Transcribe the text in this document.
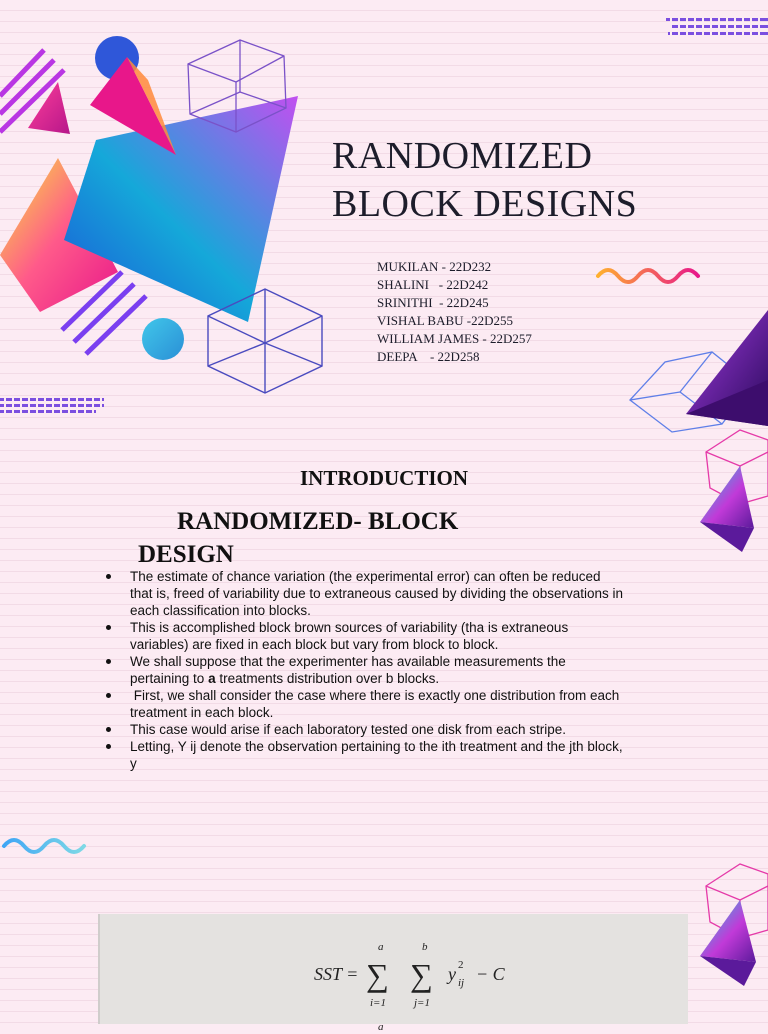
RANDOMIZED
BLOCK DESIGNS
MUKILAN - 22D232
SHALINI   - 22D242
SRINITHI  - 22D245
VISHAL BABU -22D255
WILLIAM JAMES - 22D257
DEEPA    - 22D258
INTRODUCTION
RANDOMIZED- BLOCK
DESIGN
The estimate of chance variation (the experimental error) can often be reduced that is, freed of variability due to extraneous caused by dividing the observations in each classification into blocks.
This is accomplished block brown sources of variability (tha is extraneous variables) are fixed in each block but vary from block to block.
We shall suppose that the experimenter has available measurements the pertaining to a treatments distribution over b blocks.
First, we shall consider the case where there is exactly one distribution from each treatment in each block.
This case would arise if each laboratory tested one disk from each stripe.
Letting, Y ij denote the observation pertaining to the ith treatment and the jth block, y
SST =
a
∑
i=1
b
∑
j=1
y 2
ij − C
a
